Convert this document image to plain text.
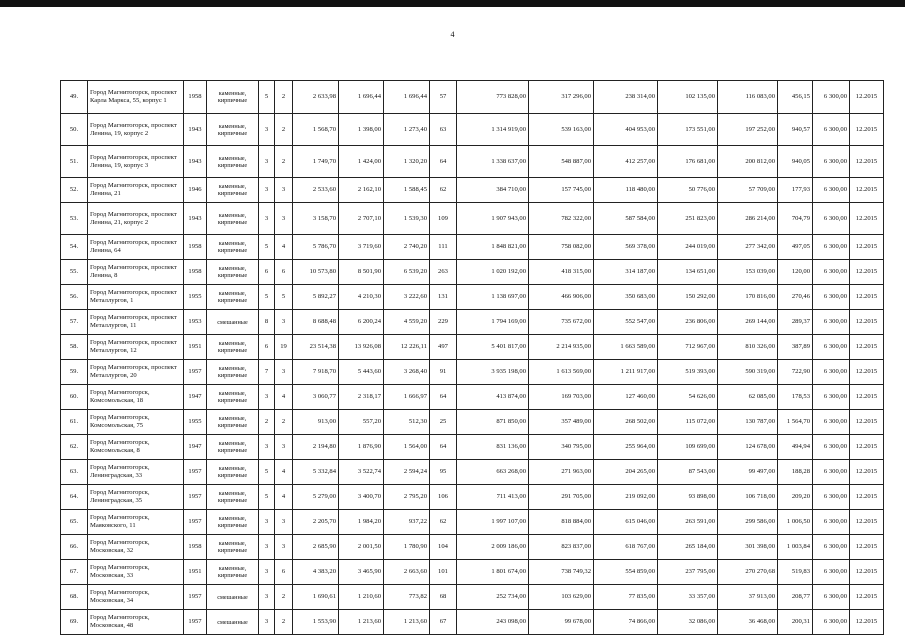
4
49.	Город Магнитогорск, проспект Карла Маркса, 55, корпус 1	1958	каменные, кирпичные	5	2	2 633,98	1 696,44	1 696,44	57	773 828,00	317 296,00	238 314,00	102 135,00	116 083,00	456,15	6 300,00	12.2015
50.	Город Магнитогорск, проспект Ленина, 19, корпус 2	1943	каменные, кирпичные	3	2	1 568,70	1 398,00	1 273,40	63	1 314 919,00	539 163,00	404 953,00	173 551,00	197 252,00	940,57	6 300,00	12.2015
51.	Город Магнитогорск, проспект Ленина, 19, корпус 3	1943	каменные, кирпичные	3	2	1 749,70	1 424,00	1 320,20	64	1 338 637,00	548 887,00	412 257,00	176 681,00	200 812,00	940,05	6 300,00	12.2015
52.	Город Магнитогорск, проспект Ленина, 21	1946	каменные, кирпичные	3	3	2 533,60	2 162,10	1 588,45	62	384 710,00	157 745,00	118 480,00	50 776,00	57 709,00	177,93	6 300,00	12.2015
53.	Город Магнитогорск, проспект Ленина, 21, корпус 2	1943	каменные, кирпичные	3	3	3 158,70	2 707,10	1 539,30	109	1 907 943,00	782 322,00	587 584,00	251 823,00	286 214,00	704,79	6 300,00	12.2015
54.	Город Магнитогорск, проспект Ленина, 64	1958	каменные, кирпичные	5	4	5 786,70	3 719,60	2 740,20	111	1 848 821,00	758 082,00	569 378,00	244 019,00	277 342,00	497,05	6 300,00	12.2015
55.	Город Магнитогорск, проспект Ленина, 8	1958	каменные, кирпичные	6	6	10 573,80	8 501,90	6 539,20	263	1 020 192,00	418 315,00	314 187,00	134 651,00	153 039,00	120,00	6 300,00	12.2015
56.	Город Магнитогорск, проспект Металлургов, 1	1955	каменные, кирпичные	5	5	5 892,27	4 210,30	3 222,60	131	1 138 697,00	466 906,00	350 683,00	150 292,00	170 816,00	270,46	6 300,00	12.2015
57.	Город Магнитогорск, проспект Металлургов, 11	1953	смешанные	8	3	8 688,48	6 200,24	4 559,20	229	1 794 169,00	735 672,00	552 547,00	236 806,00	269 144,00	289,37	6 300,00	12.2015
58.	Город Магнитогорск, проспект Металлургов, 12	1951	каменные, кирпичные	6	19	23 514,38	13 926,08	12 226,11	497	5 401 817,00	2 214 935,00	1 663 589,00	712 967,00	810 326,00	387,89	6 300,00	12.2015
59.	Город Магнитогорск, проспект Металлургов, 20	1957	каменные, кирпичные	7	3	7 918,70	5 443,60	3 268,40	91	3 935 198,00	1 613 569,00	1 211 917,00	519 393,00	590 319,00	722,90	6 300,00	12.2015
60.	Город Магнитогорск, Комсомольская, 18	1947	каменные, кирпичные	3	4	3 060,77	2 318,17	1 666,97	64	413 874,00	169 703,00	127 460,00	54 626,00	62 085,00	178,53	6 300,00	12.2015
61.	Город Магнитогорск, Комсомольская, 75	1955	каменные, кирпичные	2	2	913,00	557,20	512,30	25	871 850,00	357 489,00	268 502,00	115 072,00	130 787,00	1 564,70	6 300,00	12.2015
62.	Город Магнитогорск, Комсомольская, 8	1947	каменные, кирпичные	3	3	2 194,80	1 876,90	1 564,00	64	831 136,00	340 795,00	255 964,00	109 699,00	124 678,00	494,94	6 300,00	12.2015
63.	Город Магнитогорск, Ленинградская, 33	1957	каменные, кирпичные	5	4	5 332,84	3 522,74	2 594,24	95	663 268,00	271 963,00	204 265,00	87 543,00	99 497,00	188,28	6 300,00	12.2015
64.	Город Магнитогорск, Ленинградская, 35	1957	каменные, кирпичные	5	4	5 279,00	3 400,70	2 795,20	106	711 413,00	291 705,00	219 092,00	93 898,00	106 718,00	209,20	6 300,00	12.2015
65.	Город Магнитогорск, Маяковского, 11	1957	каменные, кирпичные	3	3	2 205,70	1 984,20	937,22	62	1 997 107,00	818 884,00	615 046,00	263 591,00	299 586,00	1 006,50	6 300,00	12.2015
66.	Город Магнитогорск, Московская, 32	1958	каменные, кирпичные	3	3	2 685,90	2 001,50	1 780,90	104	2 009 186,00	823 837,00	618 767,00	265 184,00	301 398,00	1 003,84	6 300,00	12.2015
67.	Город Магнитогорск, Московская, 33	1951	каменные, кирпичные	3	6	4 383,20	3 465,90	2 663,60	101	1 801 674,00	738 749,32	554 859,00	237 795,00	270 270,68	519,83	6 300,00	12.2015
68.	Город Магнитогорск, Московская, 34	1957	смешанные	3	2	1 690,61	1 210,60	773,82	68	252 734,00	103 629,00	77 835,00	33 357,00	37 913,00	208,77	6 300,00	12.2015
69.	Город Магнитогорск, Московская, 48	1957	смешанные	3	2	1 553,90	1 213,60	1 213,60	67	243 098,00	99 678,00	74 866,00	32 086,00	36 468,00	200,31	6 300,00	12.2015
